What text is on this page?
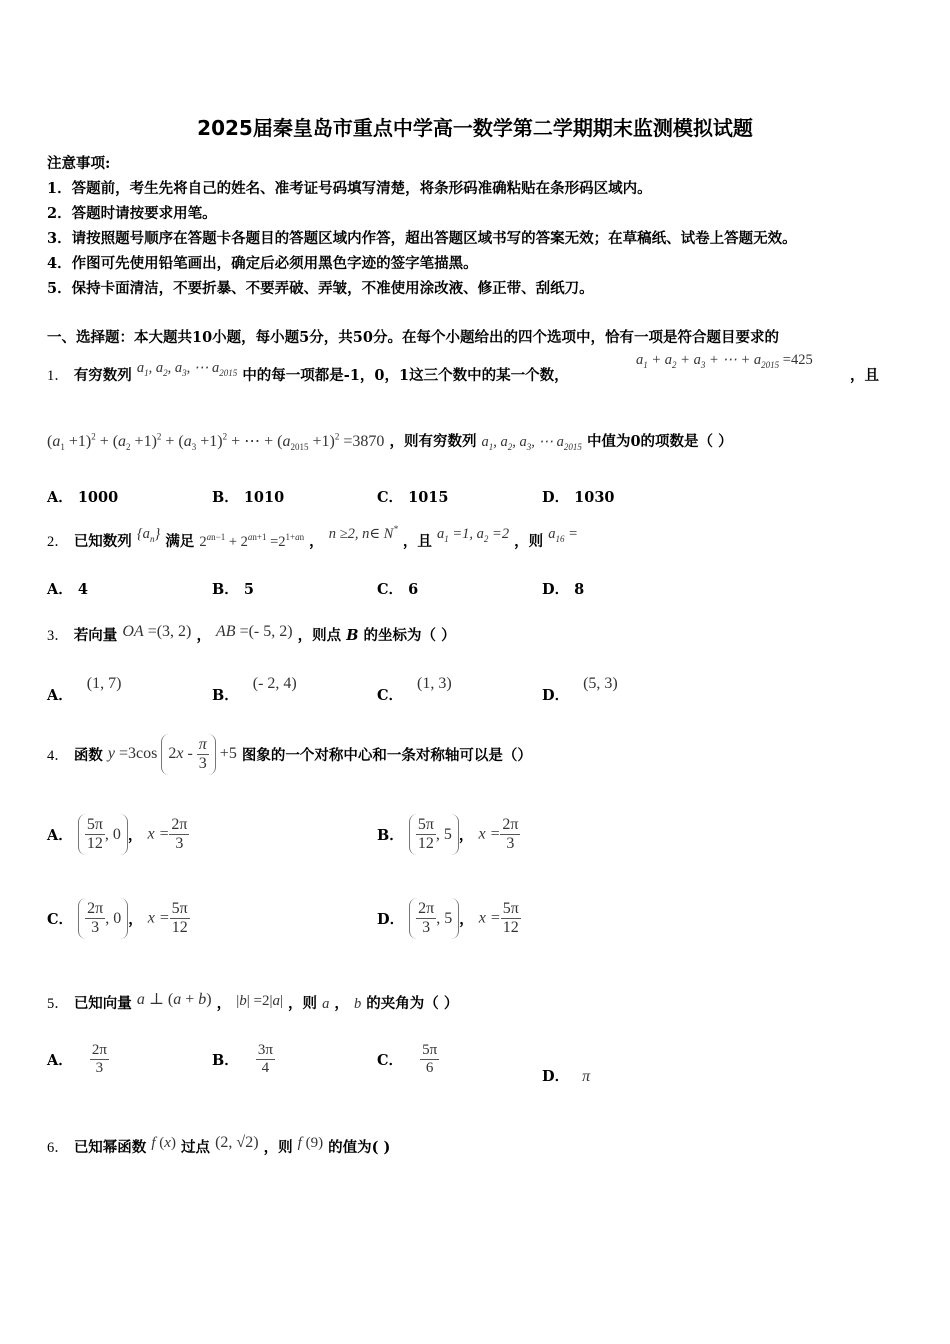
2025届秦皇岛市重点中学高一数学第二学期期末监测模拟试题
注意事项:
1．答题前，考生先将自己的姓名、准考证号码填写清楚，将条形码准确粘贴在条形码区域内。
2．答题时请按要求用笔。
3．请按照题号顺序在答题卡各题目的答题区域内作答，超出答题区域书写的答案无效；在草稿纸、试卷上答题无效。
4．作图可先使用铅笔画出，确定后必须用黑色字迹的签字笔描黑。
5．保持卡面清洁，不要折暴、不要弄破、弄皱，不准使用涂改液、修正带、刮纸刀。
一、选择题：本大题共10小题，每小题5分，共50分。在每个小题给出的四个选项中，恰有一项是符合题目要求的
1． 有穷数列 $a_1$, $a_2$, $a_3$, ⋯ $a_{2015}$ 中的每一项都是-1，0，1这三个数中的某一个数，
$a_1 + a_2 + a_3$ + ⋯ + $a_{2015} =425$
，且
$(a_1 +1)^2 + (a_2 +1)^2 + (a_3 +1)^2$ + ⋯ + $(a_{2015} +1)^2 =3870$ ，则有穷数列 $a_1$, $a_2$, $a_3$, ⋯ $a_{2015}$ 中值为0的项数是（ ）
A． 1000	B． 1010	C． 1015	D． 1030
2． 已知数列 $\{a_n\}$ 满足 $2^{an-1} + 2^{an+1} =2^{1+an}$ ， n ≥2, n∈ N* ，且 $a_1 =1$, $a_2 =2$ ，则 $a_{16}$ =
A． 4	B． 5	C． 6	D． 8
3． 若向量 OA =(3, 2) ， AB =(- 5, 2) ，则点 B 的坐标为（ ）
A．(1, 7)
B．(- 2, 4)
C．(1, 3)
D．(5, 3)
4． 函数 y =3cos $2x - \frac{\pi}{3} +5$ 图象的一个对称中心和一条对称轴可以是（）
A． $\frac{5\pi}{12}$ , 0 ， $x = \frac{2\pi}{3}$	B． $\frac{5\pi}{12}$ , 5 ， $x = \frac{2\pi}{3}$
C． $\frac{2\pi}{3}$ , 0 ， $x = \frac{5\pi}{12}$	D． $\frac{2\pi}{3}$ , 5 ， $x = \frac{5\pi}{12}$
5． 已知向量 a ⊥ (a + b) ， |b| =2|a| ，则 a ， b 的夹角为（ ）
A． $\frac{2\pi}{3}$	B． $\frac{3\pi}{4}$	C． $\frac{5\pi}{6}$	D． π
6． 已知幂函数 f (x) 过点 (2, √2) ，则 f (9) 的值为( )
